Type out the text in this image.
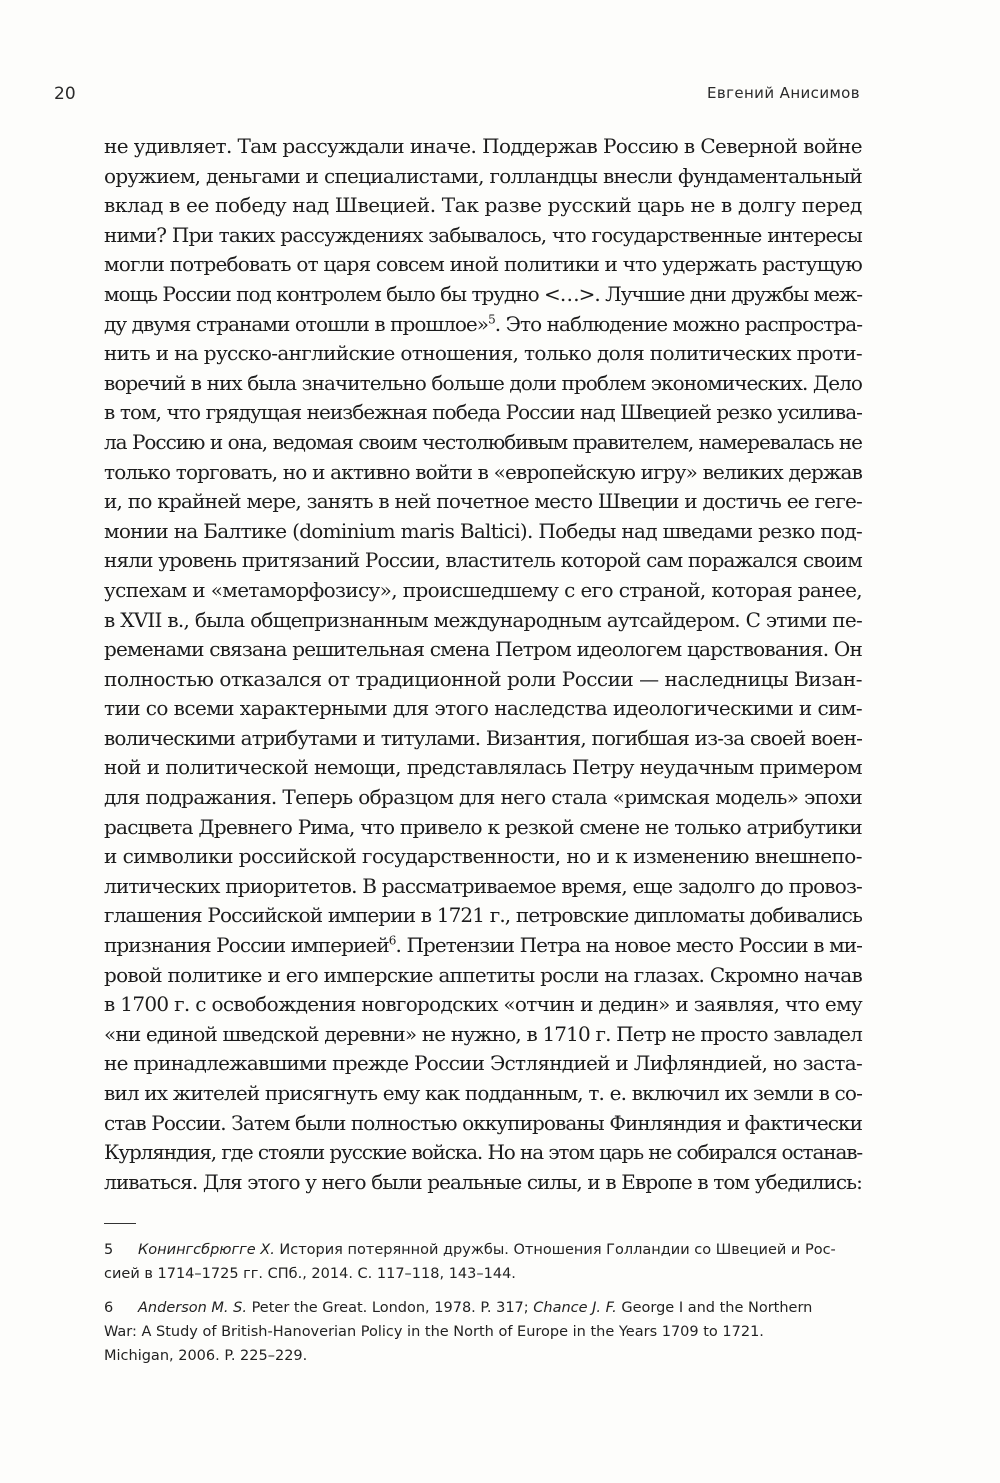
20	Евгений Анисимов
не удивляет. Там рассуждали иначе. Поддержав Россию в Северной войне
оружием, деньгами и специалистами, голландцы внесли фундаментальный
вклад в ее победу над Швецией. Так разве русский царь не в долгу перед
ними? При таких рассуждениях забывалось, что государственные интересы
могли потребовать от царя совсем иной политики и что удержать растущую
мощь России под контролем было бы трудно <…>. Лучшие дни дружбы меж-
ду двумя странами отошли в прошлое»$^5$. Это наблюдение можно распростра-
нить и на русско-английские отношения, только доля политических проти-
воречий в них была значительно больше доли проблем экономических. Дело
в том, что грядущая неизбежная победа России над Швецией резко усилива-
ла Россию и она, ведомая своим честолюбивым правителем, намеревалась не
только торговать, но и активно войти в «европейскую игру» великих держав
и, по крайней мере, занять в ней почетное место Швеции и достичь ее геге-
монии на Балтике (dominium maris Baltici). Победы над шведами резко под-
няли уровень притязаний России, властитель которой сам поражался своим
успехам и «метаморфозису», происшедшему с его страной, которая ранее,
в XVII в., была общепризнанным международным аутсайдером. С этими пе-
ременами связана решительная смена Петром идеологем царствования. Он
полностью отказался от традиционной роли России — наследницы Визан-
тии со всеми характерными для этого наследства идеологическими и сим-
волическими атрибутами и титулами. Византия, погибшая из-за своей воен-
ной и политической немощи, представлялась Петру неудачным примером
для подражания. Теперь образцом для него стала «римская модель» эпохи
расцвета Древнего Рима, что привело к резкой смене не только атрибутики
и символики российской государственности, но и к изменению внешнепо-
литических приоритетов. В рассматриваемое время, еще задолго до провоз-
глашения Российской империи в 1721 г., петровские дипломаты добивались
признания России империей$^6$. Претензии Петра на новое место России в ми-
ровой политике и его имперские аппетиты росли на глазах. Скромно начав
в 1700 г. с освобождения новгородских «отчин и дедин» и заявляя, что ему
«ни единой шведской деревни» не нужно, в 1710 г. Петр не просто завладел
не принадлежавшими прежде России Эстляндией и Лифляндией, но застa-
вил их жителей присягнуть ему как подданным, т. е. включил их земли в со-
став России. Затем были полностью оккупированы Финляндия и фактически
Курляндия, где стояли русские войска. Но на этом царь не собирался останав-
ливаться. Для этого у него были реальные силы, и в Европе в том убедились:
5 Конингсбрюгге Х. История потерянной дружбы. Отношения Голландии со Швецией и Рос-
сией в 1714–1725 гг. СПб., 2014. С. 117–118, 143–144.
6 Anderson M. S. Peter the Great. London, 1978. P. 317; Chance J. F. George I and the Northern
War: A Study of British-Hanoverian Policy in the North of Europe in the Years 1709 to 1721.
Michigan, 2006. P. 225–229.
